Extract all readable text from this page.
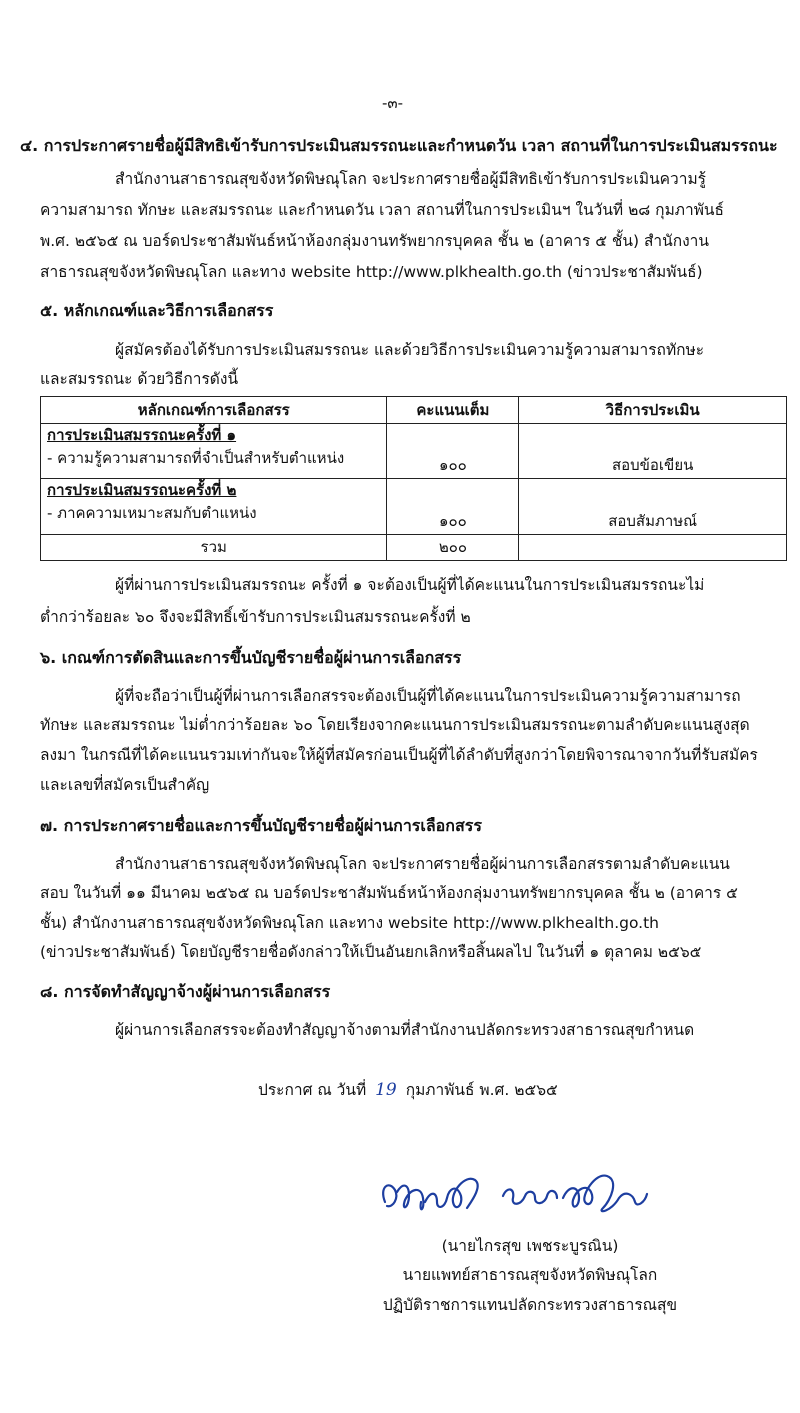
-๓-
๔. การประกาศรายชื่อผู้มีสิทธิเข้ารับการประเมินสมรรถนะและกำหนดวัน เวลา สถานที่ในการประเมินสมรรถนะ
สำนักงานสาธารณสุขจังหวัดพิษณุโลก จะประกาศรายชื่อผู้มีสิทธิเข้ารับการประเมินความรู้
ความสามารถ ทักษะ และสมรรถนะ และกำหนดวัน เวลา สถานที่ในการประเมินฯ ในวันที่ ๒๘ กุมภาพันธ์
พ.ศ. ๒๕๖๕ ณ บอร์ดประชาสัมพันธ์หน้าห้องกลุ่มงานทรัพยากรบุคคล ชั้น ๒ (อาคาร ๕ ชั้น) สำนักงาน
สาธารณสุขจังหวัดพิษณุโลก และทาง website http://www.plkhealth.go.th (ข่าวประชาสัมพันธ์)
๕. หลักเกณฑ์และวิธีการเลือกสรร
ผู้สมัครต้องได้รับการประเมินสมรรถนะ และด้วยวิธีการประเมินความรู้ความสามารถทักษะ
และสมรรถนะ ด้วยวิธีการดังนี้
หลักเกณฑ์การเลือกสรร	คะแนนเต็ม	วิธีการประเมิน

การประเมินสมรรถนะครั้งที่ ๑
- ความรู้ความสามารถที่จำเป็นสำหรับตำแหน่ง	๑๐๐	สอบข้อเขียน

การประเมินสมรรถนะครั้งที่ ๒
- ภาคความเหมาะสมกับตำแหน่ง	๑๐๐	สอบสัมภาษณ์
รวม	๒๐๐	
ผู้ที่ผ่านการประเมินสมรรถนะ ครั้งที่ ๑ จะต้องเป็นผู้ที่ได้คะแนนในการประเมินสมรรถนะไม่
ต่ำกว่าร้อยละ ๖๐ จึงจะมีสิทธิ์เข้ารับการประเมินสมรรถนะครั้งที่ ๒
๖. เกณฑ์การตัดสินและการขึ้นบัญชีรายชื่อผู้ผ่านการเลือกสรร
ผู้ที่จะถือว่าเป็นผู้ที่ผ่านการเลือกสรรจะต้องเป็นผู้ที่ได้คะแนนในการประเมินความรู้ความสามารถ
ทักษะ และสมรรถนะ ไม่ต่ำกว่าร้อยละ ๖๐ โดยเรียงจากคะแนนการประเมินสมรรถนะตามลำดับคะแนนสูงสุด
ลงมา ในกรณีที่ได้คะแนนรวมเท่ากันจะให้ผู้ที่สมัครก่อนเป็นผู้ที่ได้ลำดับที่สูงกว่าโดยพิจารณาจากวันที่รับสมัคร
และเลขที่สมัครเป็นสำคัญ
๗. การประกาศรายชื่อและการขึ้นบัญชีรายชื่อผู้ผ่านการเลือกสรร
สำนักงานสาธารณสุขจังหวัดพิษณุโลก จะประกาศรายชื่อผู้ผ่านการเลือกสรรตามลำดับคะแนน
สอบ ในวันที่ ๑๑ มีนาคม ๒๕๖๕ ณ บอร์ดประชาสัมพันธ์หน้าห้องกลุ่มงานทรัพยากรบุคคล ชั้น ๒ (อาคาร ๕
ชั้น) สำนักงานสาธารณสุขจังหวัดพิษณุโลก และทาง website http://www.plkhealth.go.th
(ข่าวประชาสัมพันธ์) โดยบัญชีรายชื่อดังกล่าวให้เป็นอันยกเลิกหรือสิ้นผลไป ในวันที่ ๑ ตุลาคม ๒๕๖๕
๘. การจัดทำสัญญาจ้างผู้ผ่านการเลือกสรร
ผู้ผ่านการเลือกสรรจะต้องทำสัญญาจ้างตามที่สำนักงานปลัดกระทรวงสาธารณสุขกำหนด
ประกาศ ณ วันที่ 19 กุมภาพันธ์ พ.ศ. ๒๕๖๕
(นายไกรสุข เพชระบูรณิน)
นายแพทย์สาธารณสุขจังหวัดพิษณุโลก
ปฏิบัติราชการแทนปลัดกระทรวงสาธารณสุข
